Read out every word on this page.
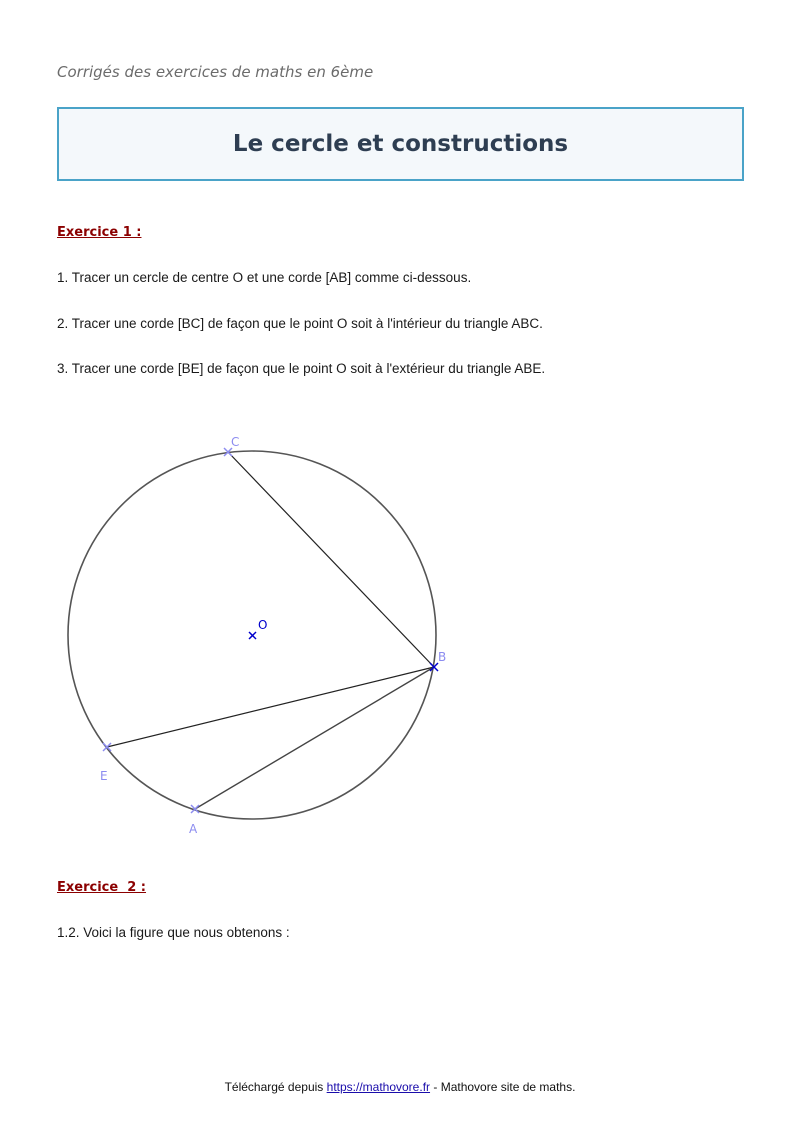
Corrigés des exercices de maths en 6ème
Le cercle et constructions
Exercice 1 :
1. Tracer un cercle de centre O et une corde [AB] comme ci-dessous.
2. Tracer une corde [BC] de façon que le point O soit à l'intérieur du triangle ABC.
3. Tracer une corde [BE] de façon que le point O soit à l'extérieur du triangle ABE.
O
C
B
E
A
Exercice  2 :
1.2. Voici la figure que nous obtenons :
Téléchargé depuis https://mathovore.fr - Mathovore site de maths.
